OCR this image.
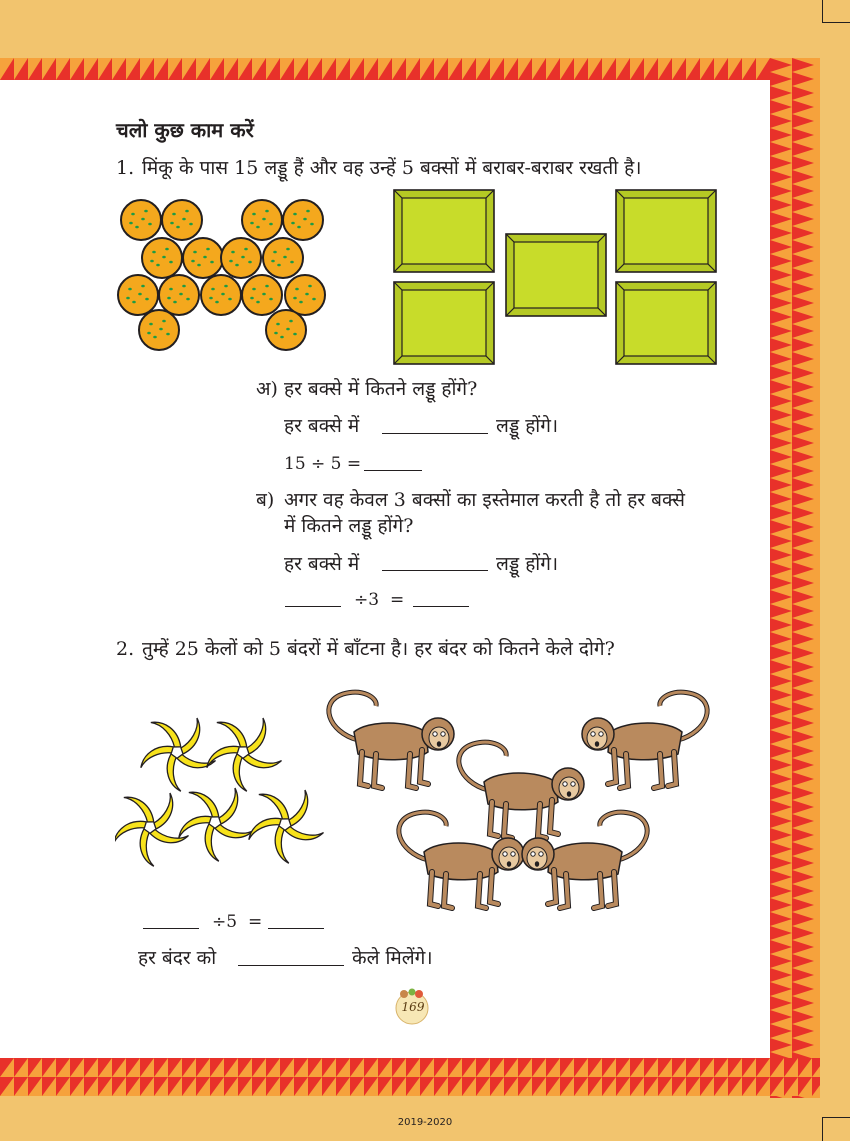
चलो कुछ काम करें
1. मिंकू के पास 15 लड्डू हैं और वह उन्हें 5 बक्सों में बराबर-बराबर रखती है।
अ) हर बक्से में कितने लड्डू होंगे?
हर बक्से में	लड्डू होंगे।
15 ÷ 5 =
ब) अगर वह केवल 3 बक्सों का इस्तेमाल करती है तो हर बक्से
में कितने लड्डू होंगे?
हर बक्से में	लड्डू होंगे।
÷3 =
2. तुम्हें 25 केलों को 5 बंदरों में बाँटना है। हर बंदर को कितने केले दोगे?
÷5 =
हर बंदर को	केले मिलेंगे।
169
2019-2020
